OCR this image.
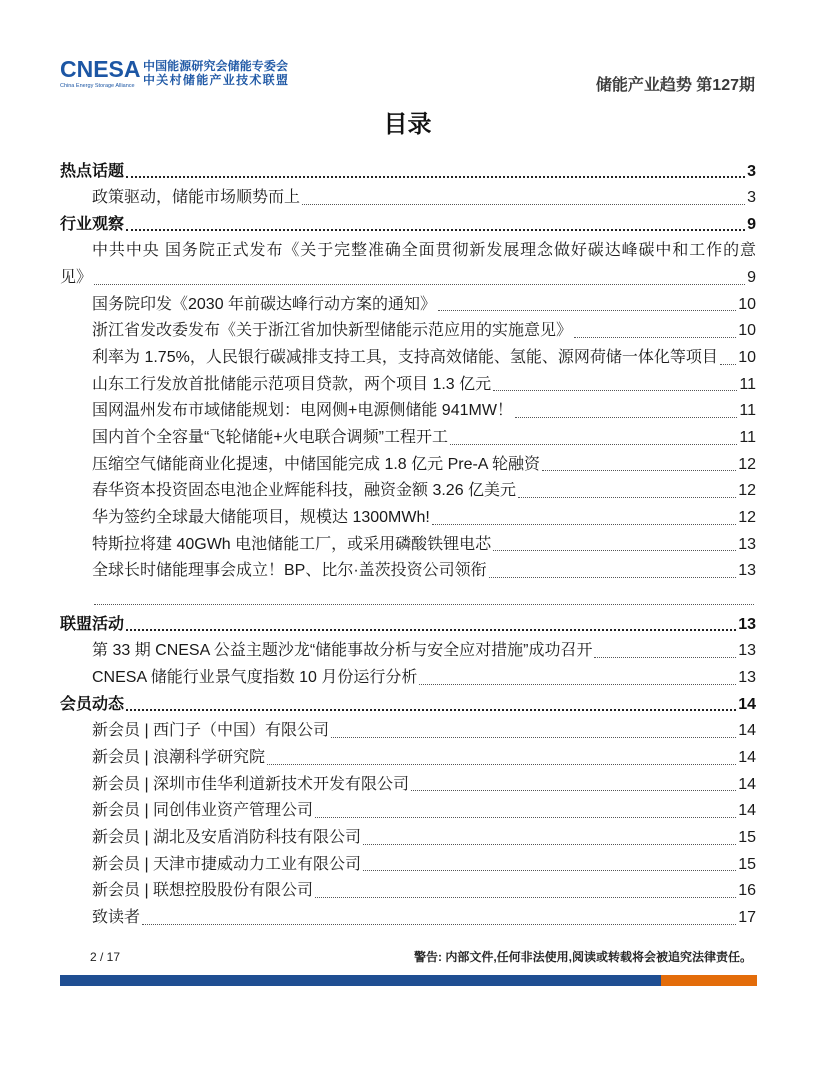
CNESA
China Energy Storage Alliance
中国能源研究会储能专委会
中关村储能产业技术联盟	储能产业趋势 第127期
目录
热点话题	3
政策驱动，储能市场顺势而上	3
行业观察	9
中共中央 国务院正式发布《关于完整准确全面贯彻新发展理念做好碳达峰碳中和工作的意
见》	9
国务院印发《2030 年前碳达峰行动方案的通知》	10
浙江省发改委发布《关于浙江省加快新型储能示范应用的实施意见》	10
利率为 1.75%，人民银行碳减排支持工具，支持高效储能、氢能、源网荷储一体化等项目 10
山东工行发放首批储能示范项目贷款，两个项目 1.3 亿元	11
国网温州发布市域储能规划：电网侧+电源侧储能 941MW！	11
国内首个全容量“飞轮储能+火电联合调频”工程开工	11
压缩空气储能商业化提速，中储国能完成 1.8 亿元 Pre-A 轮融资	12
春华资本投资固态电池企业辉能科技，融资金额 3.26 亿美元	12
华为签约全球最大储能项目，规模达 1300MWh!	12
特斯拉将建 40GWh 电池储能工厂，或采用磷酸铁锂电芯	13
全球长时储能理事会成立！BP、比尔·盖茨投资公司领衔	13
联盟活动	13
第 33 期 CNESA 公益主题沙龙“储能事故分析与安全应对措施”成功召开	13
CNESA 储能行业景气度指数 10 月份运行分析	13
会员动态	14
新会员 | 西门子（中国）有限公司	14
新会员 | 浪潮科学研究院	14
新会员 | 深圳市佳华利道新技术开发有限公司	14
新会员 | 同创伟业资产管理公司	14
新会员 | 湖北及安盾消防科技有限公司	15
新会员 | 天津市捷威动力工业有限公司	15
新会员 | 联想控股股份有限公司	16
致读者	17
2 / 17	警告: 内部文件,任何非法使用,阅读或转载将会被追究法律责任。
